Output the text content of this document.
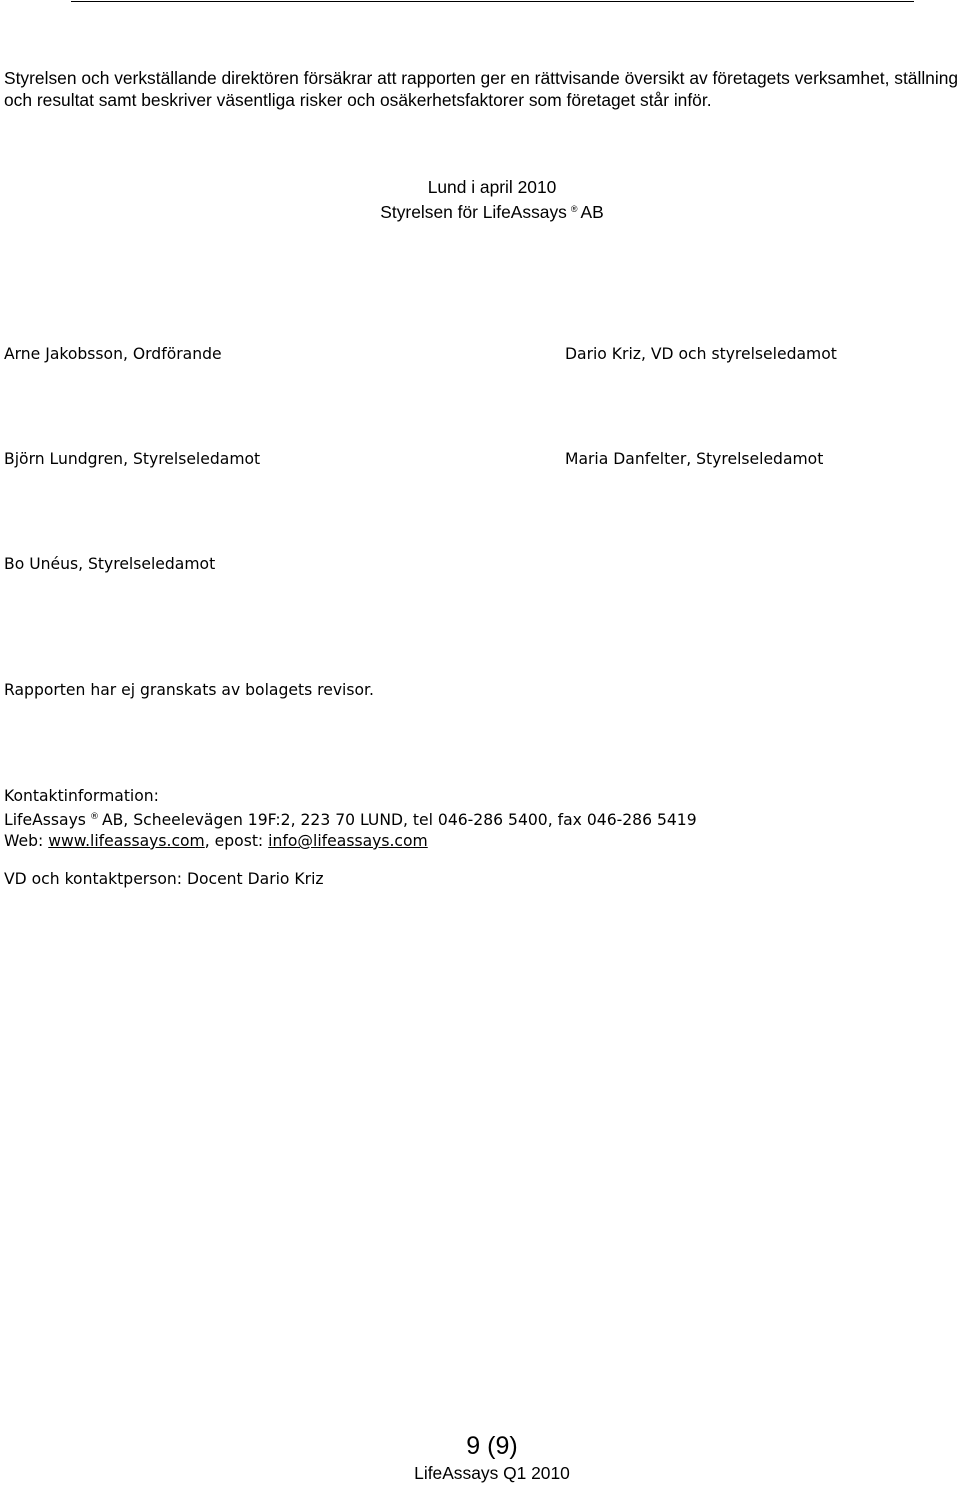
Styrelsen och verkställande direktören försäkrar att rapporten ger en rättvisande översikt av företagets verksamhet, ställning och resultat samt beskriver väsentliga risker och osäkerhetsfaktorer som företaget står inför.

Lund i april 2010
Styrelsen för LifeAssays ® AB
Arne Jakobsson, Ordförande	Dario Kriz, VD och styrelseledamot
Björn Lundgren, Styrelseledamot	Maria Danfelter, Styrelseledamot
Bo Unéus, Styrelseledamot
Rapporten har ej granskats av bolagets revisor.
Kontaktinformation:
LifeAssays ® AB, Scheelevägen 19F:2, 223 70 LUND, tel 046-286 5400, fax 046-286 5419
Web: www.lifeassays.com, epost: info@lifeassays.com
VD och kontaktperson: Docent Dario Kriz
9 (9)
LifeAssays Q1 2010
